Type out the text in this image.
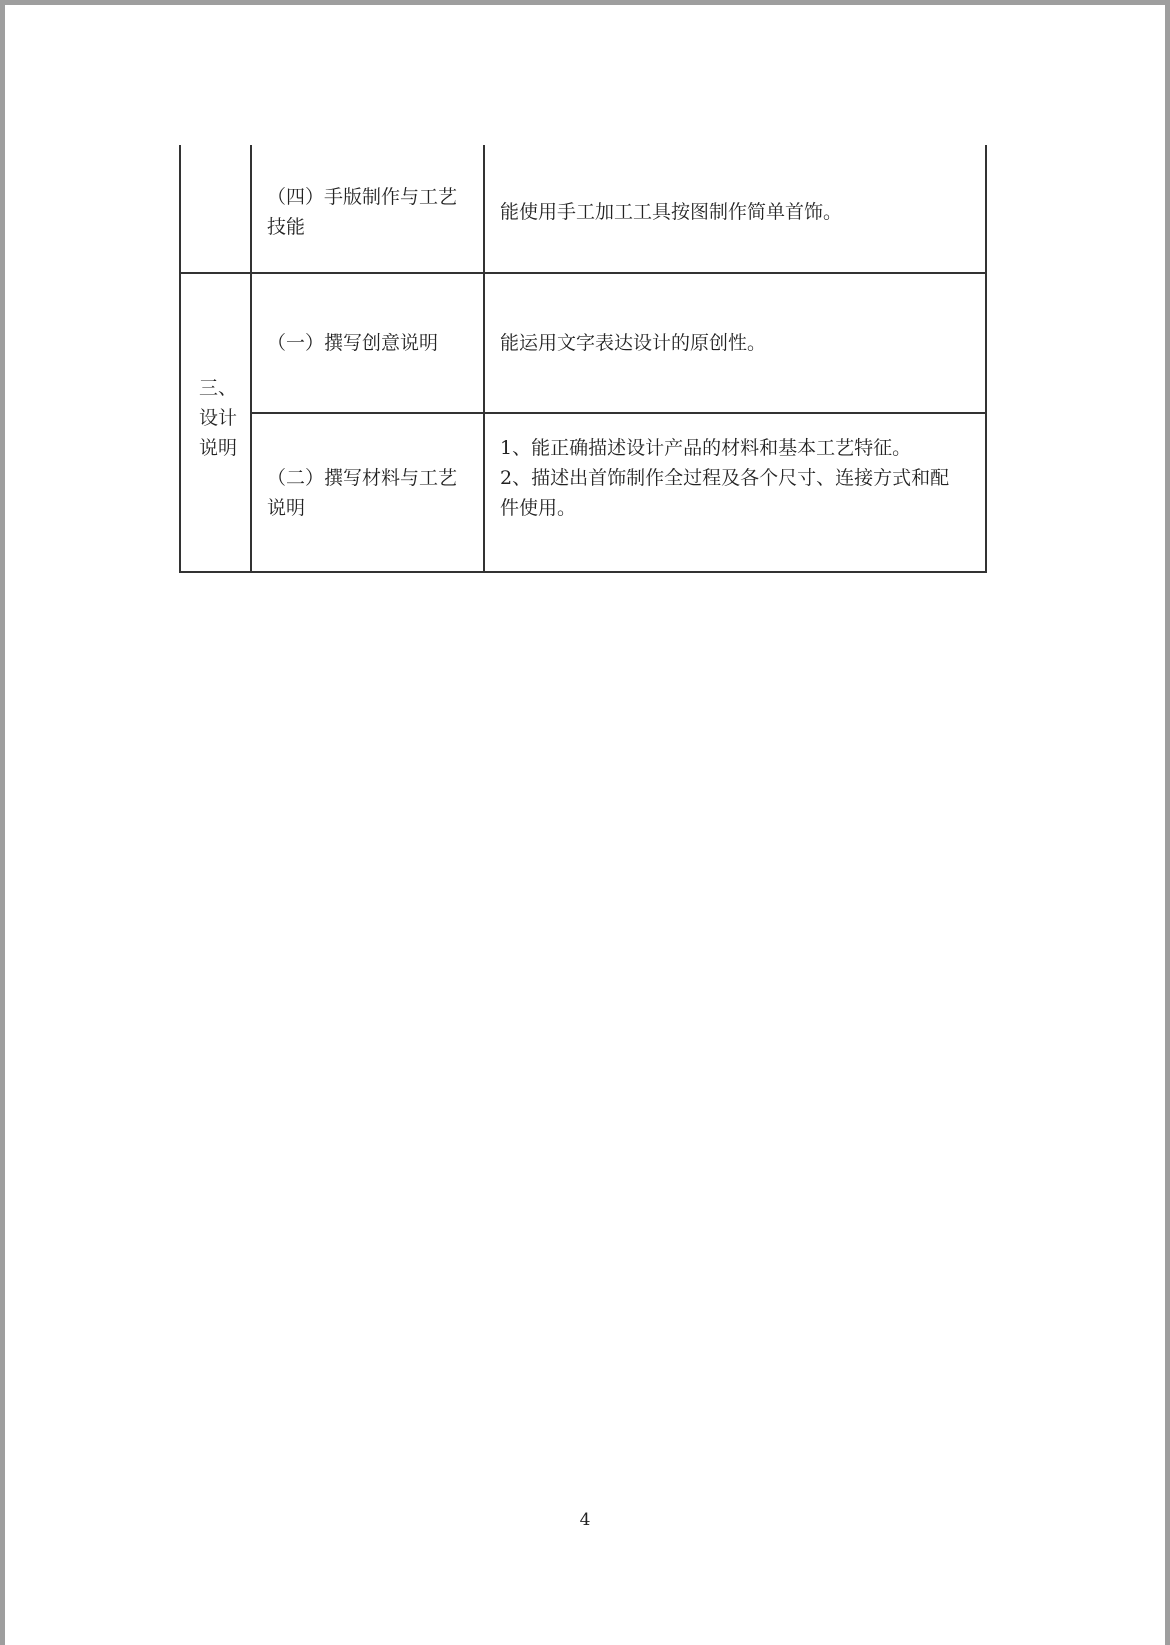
（四）手版制作与工艺
技能
能使用手工加工工具按图制作简单首饰。
三、
设计
说明
（一）撰写创意说明	能运用文字表达设计的原创性。
（二）撰写材料与工艺
说明
1、能正确描述设计产品的材料和基本工艺特征。
2、描述出首饰制作全过程及各个尺寸、连接方式和配
件使用。
4
